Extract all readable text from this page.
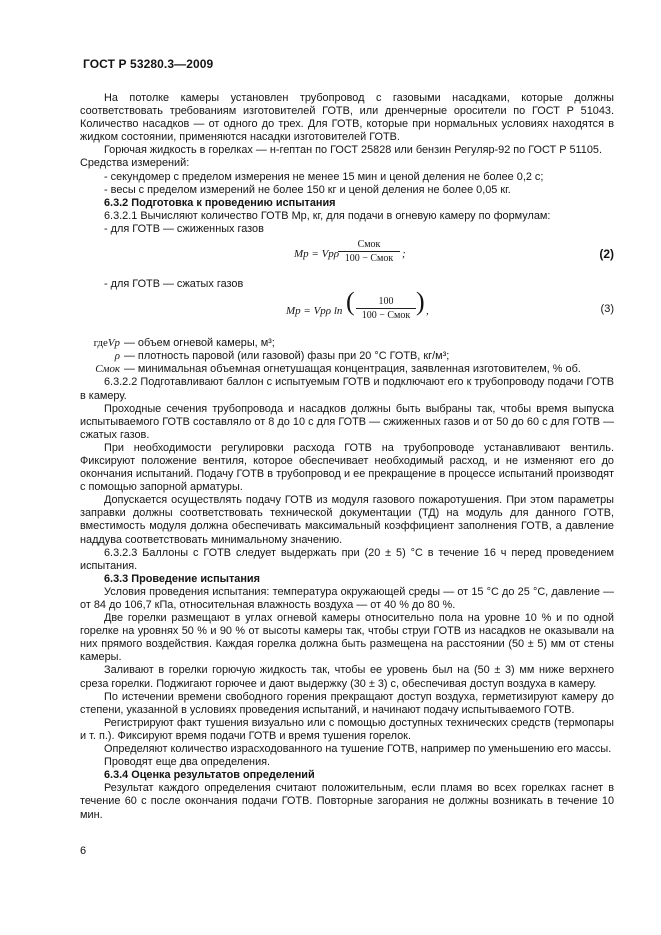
ГОСТ Р 53280.3—2009

На потолке камеры установлен трубопровод с газовыми насадками, которые должны соответствовать требованиям изготовителей ГОТВ, или дренчерные оросители по ГОСТ Р 51043. Количество насадков — от одного до трех. Для ГОТВ, которые при нормальных условиях находятся в жидком состоянии, применяются насадки изготовителей ГОТВ.

Горючая жидкость в горелках — н-гептан по ГОСТ 25828 или бензин Регуляр-92 по ГОСТ Р 51105.

Средства измерений:

- секундомер с пределом измерения не менее 15 мин и ценой деления не более 0,2 с;

- весы с пределом измерений не более 150 кг и ценой деления не более 0,05 кг.

6.3.2 Подготовка к проведению испытания

6.3.2.1 Вычисляют количество ГОТВ Mp, кг, для подачи в огневую камеру по формулам:

- для ГОТВ — сжиженных газов

Mp = Vpρ
Cмок
100 − Cмок ;	(2)

- для ГОТВ — сжатых газов

Mp = Vpρ ln (	100
100 − Cмок ) ,	(3)
гдеVp — объем огневой камеры, м³;
ρ — плотность паровой (или газовой) фазы при 20 °С ГОТВ, кг/м³;
Cмок — минимальная объемная огнетушащая концентрация, заявленная изготовителем, % об.

6.3.2.2 Подготавливают баллон с испытуемым ГОТВ и подключают его к трубопроводу подачи ГОТВ в камеру.

Проходные сечения трубопровода и насадков должны быть выбраны так, чтобы время выпуска испытываемого ГОТВ составляло от 8 до 10 с для ГОТВ — сжиженных газов и от 50 до 60 с для ГОТВ — сжатых газов.

При необходимости регулировки расхода ГОТВ на трубопроводе устанавливают вентиль. Фиксируют положение вентиля, которое обеспечивает необходимый расход, и не изменяют его до окончания испытаний. Подачу ГОТВ в трубопровод и ее прекращение в процессе испытаний производят с помощью запорной арматуры.

Допускается осуществлять подачу ГОТВ из модуля газового пожаротушения. При этом параметры заправки должны соответствовать технической документации (ТД) на модуль для данного ГОТВ, вместимость модуля должна обеспечивать максимальный коэффициент заполнения ГОТВ, а давление наддува соответствовать минимальному значению.

6.3.2.3 Баллоны с ГОТВ следует выдержать при (20 ± 5) °С в течение 16 ч перед проведением испытания.

6.3.3 Проведение испытания

Условия проведения испытания: температура окружающей среды — от 15 °С до 25 °С, давление — от 84 до 106,7 кПа, относительная влажность воздуха — от 40 % до 80 %.

Две горелки размещают в углах огневой камеры относительно пола на уровне 10 % и по одной горелке на уровнях 50 % и 90 % от высоты камеры так, чтобы струи ГОТВ из насадков не оказывали на них прямого воздействия. Каждая горелка должна быть размещена на расстоянии (50 ± 5) мм от стены камеры.

Заливают в горелки горючую жидкость так, чтобы ее уровень был на (50 ± 3) мм ниже верхнего среза горелки. Поджигают горючее и дают выдержку (30 ± 3) с, обеспечивая доступ воздуха в камеру.

По истечении времени свободного горения прекращают доступ воздуха, герметизируют камеру до степени, указанной в условиях проведения испытаний, и начинают подачу испытываемого ГОТВ.

Регистрируют факт тушения визуально или с помощью доступных технических средств (термопары и т. п.). Фиксируют время подачи ГОТВ и время тушения горелок.

Определяют количество израсходованного на тушение ГОТВ, например по уменьшению его массы.

Проводят еще два определения.

6.3.4 Оценка результатов определений

Результат каждого определения считают положительным, если пламя во всех горелках гаснет в течение 60 с после окончания подачи ГОТВ. Повторные загорания не должны возникать в течение 10 мин.

6
